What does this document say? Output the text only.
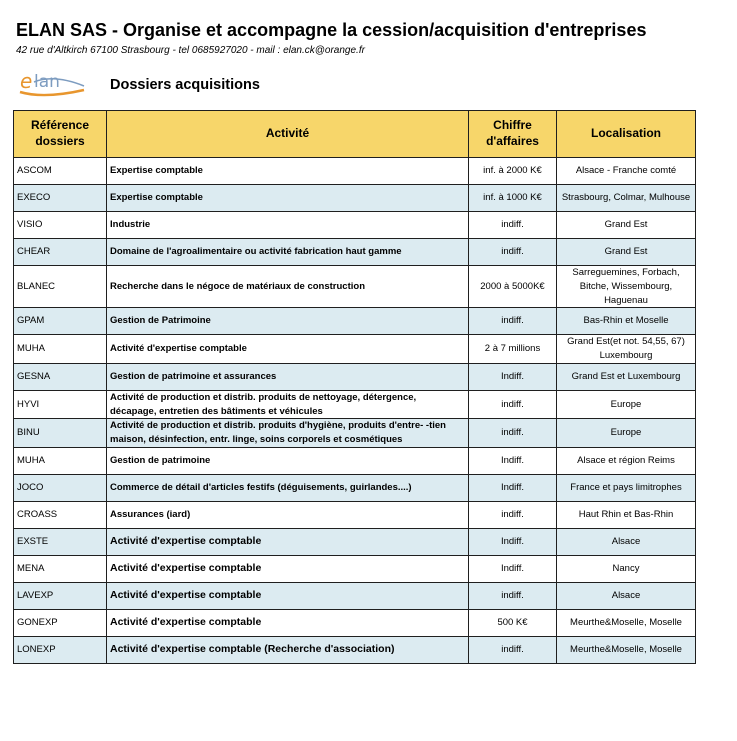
ELAN SAS - Organise et accompagne la cession/acquisition d'entreprises
42 rue d'Altkirch 67100 Strasbourg - tel 0685927020 - mail : elan.ck@orange.fr
e lan	Dossiers acquisitions
Référence dossiers	Activité	Chiffre d'affaires	Localisation
ASCOM	Expertise comptable	inf. à 2000 K€	Alsace - Franche comté
EXECO	Expertise comptable	inf. à 1000 K€	Strasbourg, Colmar, Mulhouse
VISIO	Industrie	indiff.	Grand Est
CHEAR	Domaine de l'agroalimentaire ou activité fabrication haut gamme	indiff.	Grand Est
BLANEC	Recherche dans le négoce de matériaux de construction	2000 à 5000K€	Sarreguemines, Forbach, Bitche, Wissembourg, Haguenau
GPAM	Gestion de Patrimoine	indiff.	Bas-Rhin et Moselle
MUHA	Activité d'expertise comptable	2 à 7 millions	Grand Est(et not. 54,55, 67) Luxembourg
GESNA	Gestion de patrimoine et assurances	Indiff.	Grand Est et Luxembourg
HYVI	Activité de production et distrib. produits de nettoyage, détergence, décapage, entretien des bâtiments et véhicules	indiff.	Europe
BINU	Activité de production et distrib. produits d'hygiène, produits d'entre- -tien maison, désinfection, entr. linge, soins corporels et cosmétiques	indiff.	Europe
MUHA	Gestion de patrimoine	Indiff.	Alsace et région Reims
JOCO	Commerce de détail d'articles festifs (déguisements, guirlandes....)	Indiff.	France et pays limitrophes
CROASS	Assurances (iard)	indiff.	Haut Rhin et Bas-Rhin
EXSTE	Activité d'expertise comptable	Indiff.	Alsace
MENA	Activité d'expertise comptable	Indiff.	Nancy
LAVEXP	Activité d'expertise comptable	indiff.	Alsace
GONEXP	Activité d'expertise comptable	500 K€	Meurthe&Moselle, Moselle
LONEXP	Activité d'expertise comptable (Recherche d'association)	indiff.	Meurthe&Moselle, Moselle
